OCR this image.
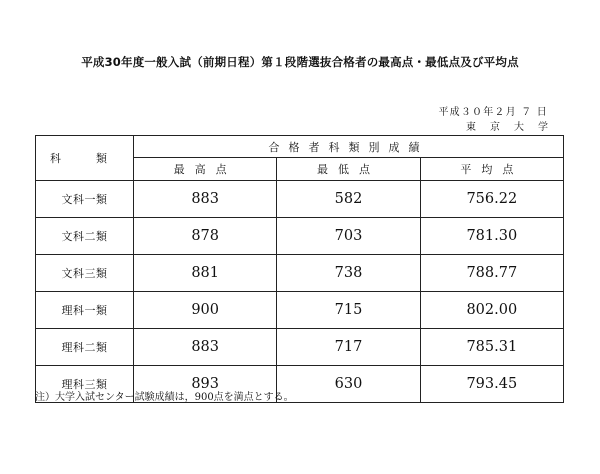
平成30年度一般入試（前期日程）第１段階選抜合格者の最高点・最低点及び平均点
平成３０年２月 ７ 日
東京大学
科　類	合格者科類別成績		
	最高点	最低点	平均点
文科一類	883	582	756.22
文科二類	878	703	781.30
文科三類	881	738	788.77
理科一類	900	715	802.00
理科二類	883	717	785.31
理科三類	893	630	793.45
注）大学入試センター試験成績は，900点を満点とする。
